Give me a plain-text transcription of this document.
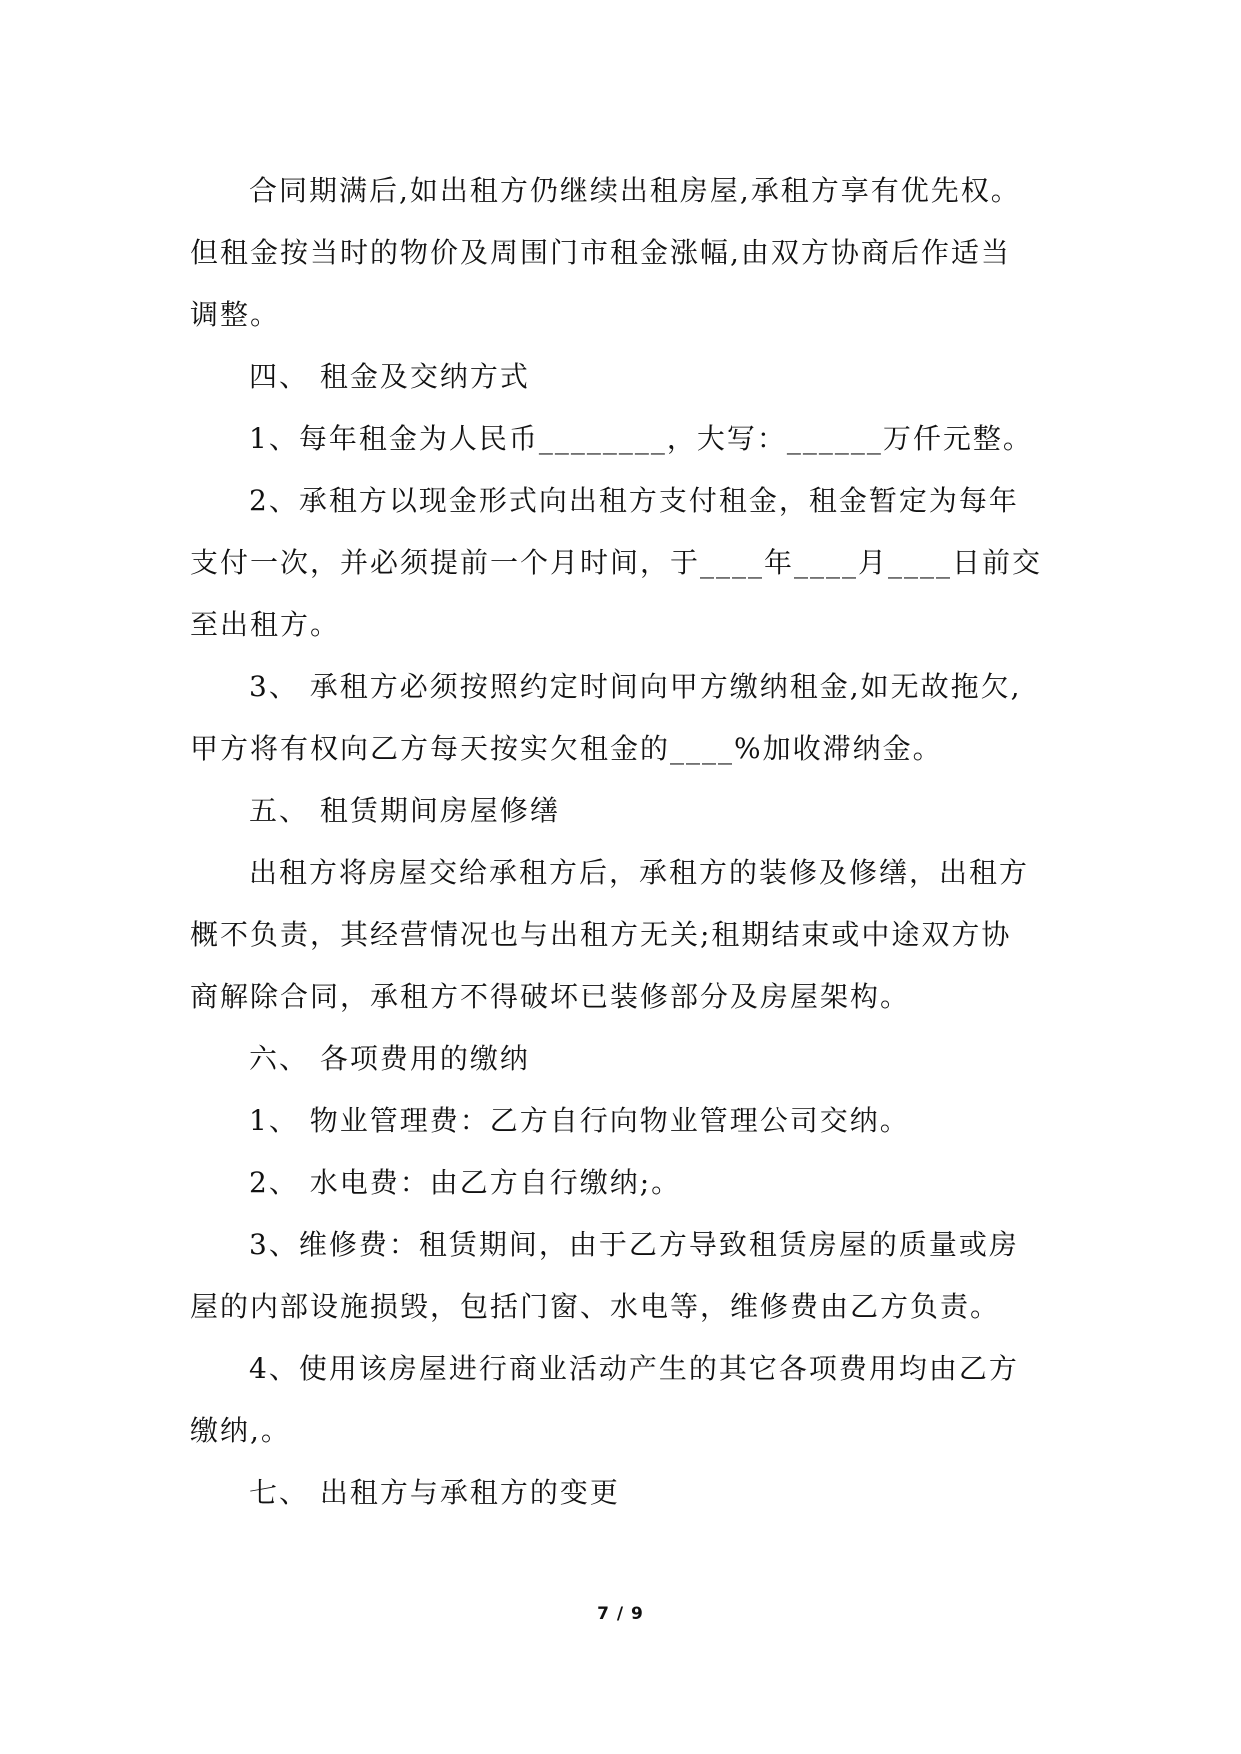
合同期满后,如出租方仍继续出租房屋,承租方享有优先权。
但租金按当时的物价及周围门市租金涨幅,由双方协商后作适当
调整。
四、 租金及交纳方式
1、每年租金为人民币________，大写：______万仟元整。
2、承租方以现金形式向出租方支付租金，租金暂定为每年
支付一次，并必须提前一个月时间，于____年____月____日前交
至出租方。
3、 承租方必须按照约定时间向甲方缴纳租金,如无故拖欠,
甲方将有权向乙方每天按实欠租金的____%加收滞纳金。
五、 租赁期间房屋修缮
出租方将房屋交给承租方后，承租方的装修及修缮，出租方
概不负责，其经营情况也与出租方无关;租期结束或中途双方协
商解除合同，承租方不得破坏已装修部分及房屋架构。
六、 各项费用的缴纳
1、 物业管理费：乙方自行向物业管理公司交纳。
2、 水电费：由乙方自行缴纳;。
3、维修费：租赁期间，由于乙方导致租赁房屋的质量或房
屋的内部设施损毁，包括门窗、水电等，维修费由乙方负责。
4、使用该房屋进行商业活动产生的其它各项费用均由乙方
缴纳,。
七、 出租方与承租方的变更
7 / 9
